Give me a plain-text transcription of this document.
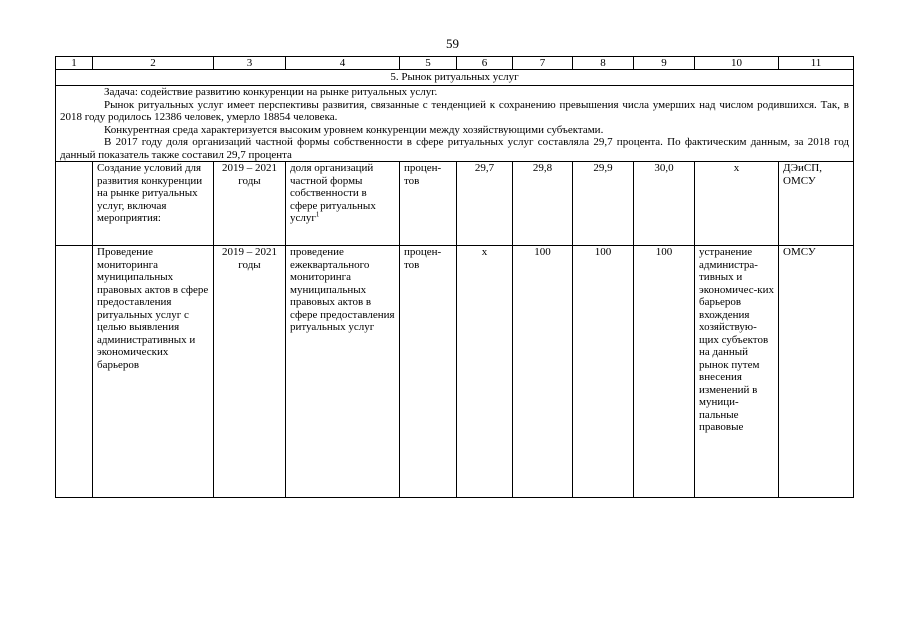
59
1	2	3	4	5	6	7	8	9	10	11
5. Рынок ритуальных услуг										

Задача: содействие развитию конкуренции на рынке ритуальных услуг.

Рынок ритуальных услуг имеет перспективы развития, связанные с тенденцией к сохранению превышения числа умерших над числом родившихся. Так, в 2018 году родилось 12386 человек, умерло 18854 человека.

Конкурентная среда характеризуется высоким уровнем конкуренции между хозяйствующими субъектами.

В 2017 году доля организаций частной формы собственности в сфере ритуальных услуг составляла 29,7 процента. По фактическим данным, за 2018 год данный показатель также составил 29,7 процента										

	Создание условий для развития конкуренции на рынке ритуальных услуг, включая мероприятия:	2019 – 2021 годы	доля организаций частной формы собственности в сфере ритуальных услуг$^1$	процен-тов	29,7	29,8	29,9	30,0	х	ДЭиСП, ОМСУ
	Проведение мониторинга муниципальных правовых актов в сфере предоставления ритуальных услуг с целью выявления административных и экономических барьеров	2019 – 2021 годы	проведение ежеквартального мониторинга муниципальных правовых актов в сфере предоставления ритуальных услуг	процен-тов	х	100	100	100	устранение администра-тивных и экономичес-ких барьеров вхождения хозяйствую-щих субъектов на данный рынок путем внесения изменений в муници-пальные правовые	ОМСУ
